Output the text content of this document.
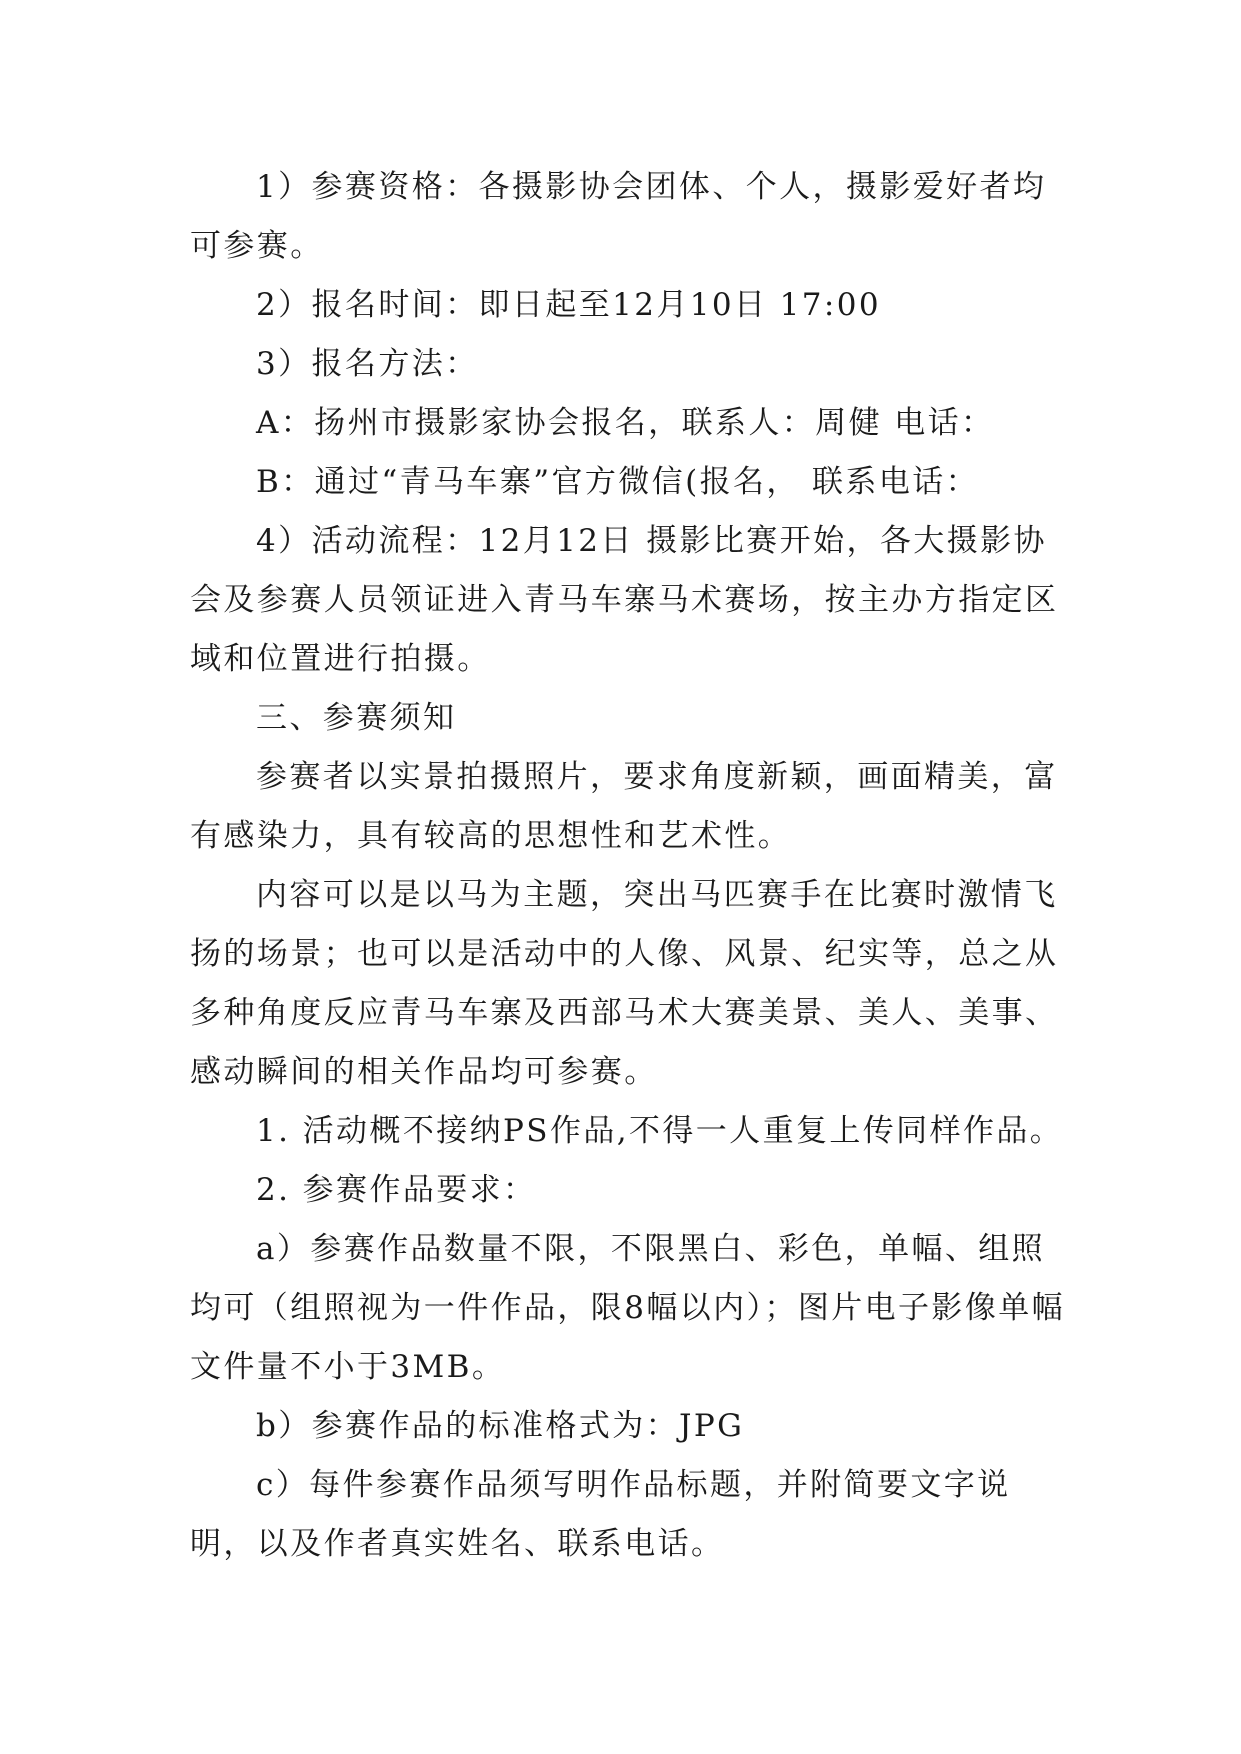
1）参赛资格：各摄影协会团体、个人，摄影爱好者均可参赛。

2）报名时间：即日起至12月10日 17:00

3）报名方法：

A：扬州市摄影家协会报名，联系人：周健 电话：

B：通过“青马车寨”官方微信(报名， 联系电话：

4）活动流程：12月12日 摄影比赛开始，各大摄影协会及参赛人员领证进入青马车寨马术赛场，按主办方指定区域和位置进行拍摄。

三、参赛须知

参赛者以实景拍摄照片，要求角度新颖，画面精美，富有感染力，具有较高的思想性和艺术性。

内容可以是以马为主题，突出马匹赛手在比赛时激情飞扬的场景；也可以是活动中的人像、风景、纪实等，总之从多种角度反应青马车寨及西部马术大赛美景、美人、美事、感动瞬间的相关作品均可参赛。

1. 活动概不接纳PS作品,不得一人重复上传同样作品。

2. 参赛作品要求：

a）参赛作品数量不限，不限黑白、彩色，单幅、组照均可（组照视为一件作品，限8幅以内）；图片电子影像单幅文件量不小于3MB。

b）参赛作品的标准格式为：JPG

c）每件参赛作品须写明作品标题，并附简要文字说明，以及作者真实姓名、联系电话。
